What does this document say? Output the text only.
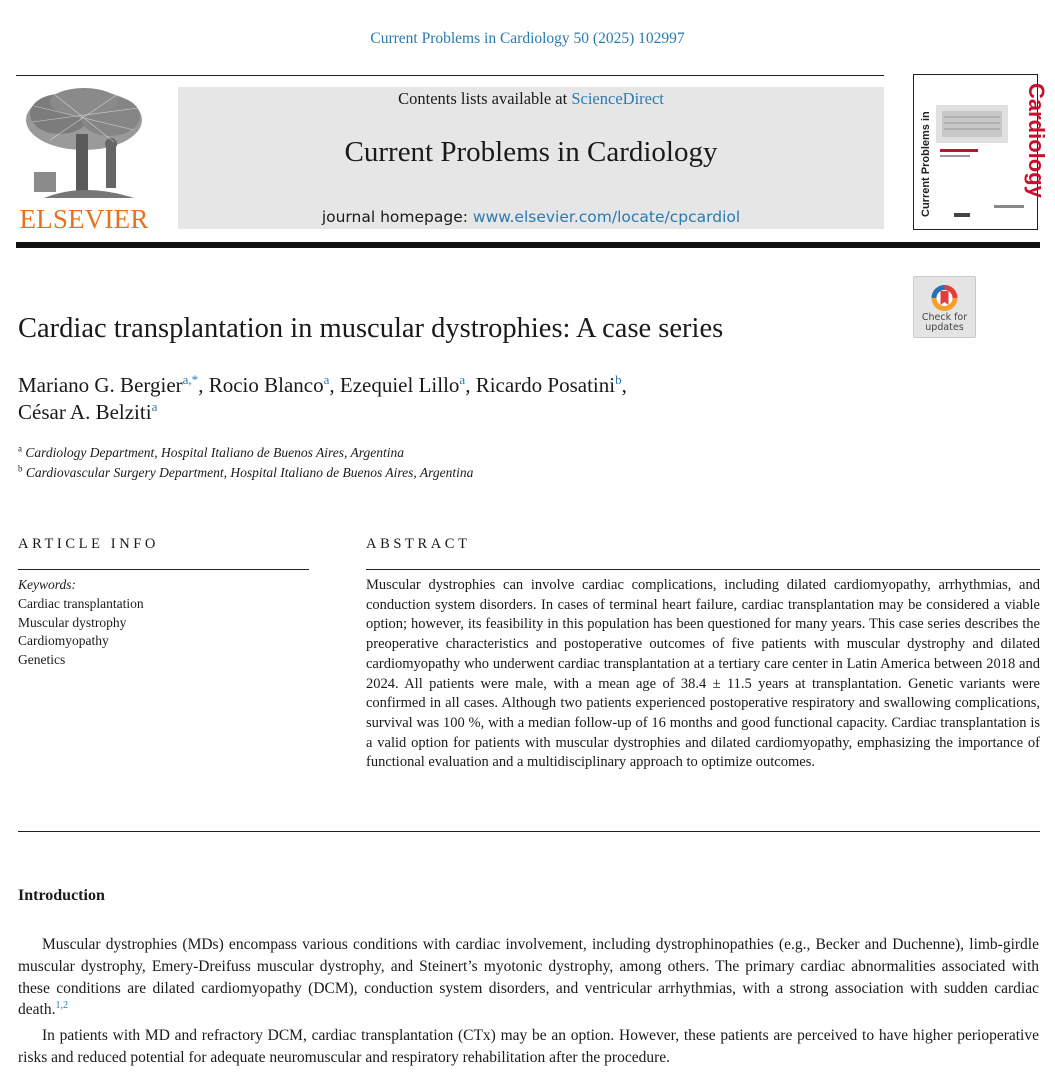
Current Problems in Cardiology 50 (2025) 102997
ELSEVIER
Contents lists available at ScienceDirect
Current Problems in Cardiology
journal homepage: www.elsevier.com/locate/cpcardiol	Current Problems in	Cardiology
Check for
updates
Cardiac transplantation in muscular dystrophies: A case series
Mariano G. Bergier$^{a,*}$, Rocio Blanco$^a$, Ezequiel Lillo$^a$, Ricardo Posatini$^b$,
César A. Belziti$^a$
$^a$ Cardiology Department, Hospital Italiano de Buenos Aires, Argentina
$^b$ Cardiovascular Surgery Department, Hospital Italiano de Buenos Aires, Argentina
ARTICLE INFO	ABSTRACT
Keywords:
Cardiac transplantation
Muscular dystrophy
Cardiomyopathy
Genetics
Muscular dystrophies can involve cardiac complications, including dilated cardiomyopathy, arrhythmias, and conduction system disorders. In cases of terminal heart failure, cardiac transplantation may be considered a viable option; however, its feasibility in this population has been questioned for many years. This case series describes the preoperative characteristics and postoperative outcomes of five patients with muscular dystrophy and dilated cardiomyopathy who underwent cardiac transplantation at a tertiary care center in Latin America between 2018 and 2024. All patients were male, with a mean age of 38.4 ± 11.5 years at transplantation. Genetic variants were confirmed in all cases. Although two patients experienced postoperative respiratory and swallowing complications, survival was 100 %, with a median follow-up of 16 months and good functional capacity. Cardiac transplantation is a valid option for patients with muscular dystrophies and dilated cardiomyopathy, emphasizing the importance of functional evaluation and a multidisciplinary approach to optimize outcomes.
Introduction
Muscular dystrophies (MDs) encompass various conditions with cardiac involvement, including dystrophinopathies (e.g., Becker and Duchenne), limb-girdle muscular dystrophy, Emery-Dreifuss muscular dystrophy, and Steinert’s myotonic dystrophy, among others. The primary cardiac abnormalities associated with these conditions are dilated cardiomyopathy (DCM), conduction system disorders, and ventricular arrhythmias, with a strong association with sudden cardiac death.$^{1,2}$
In patients with MD and refractory DCM, cardiac transplantation (CTx) may be an option. However, these patients are perceived to have higher perioperative risks and reduced potential for adequate neuromuscular and respiratory rehabilitation after the procedure.
